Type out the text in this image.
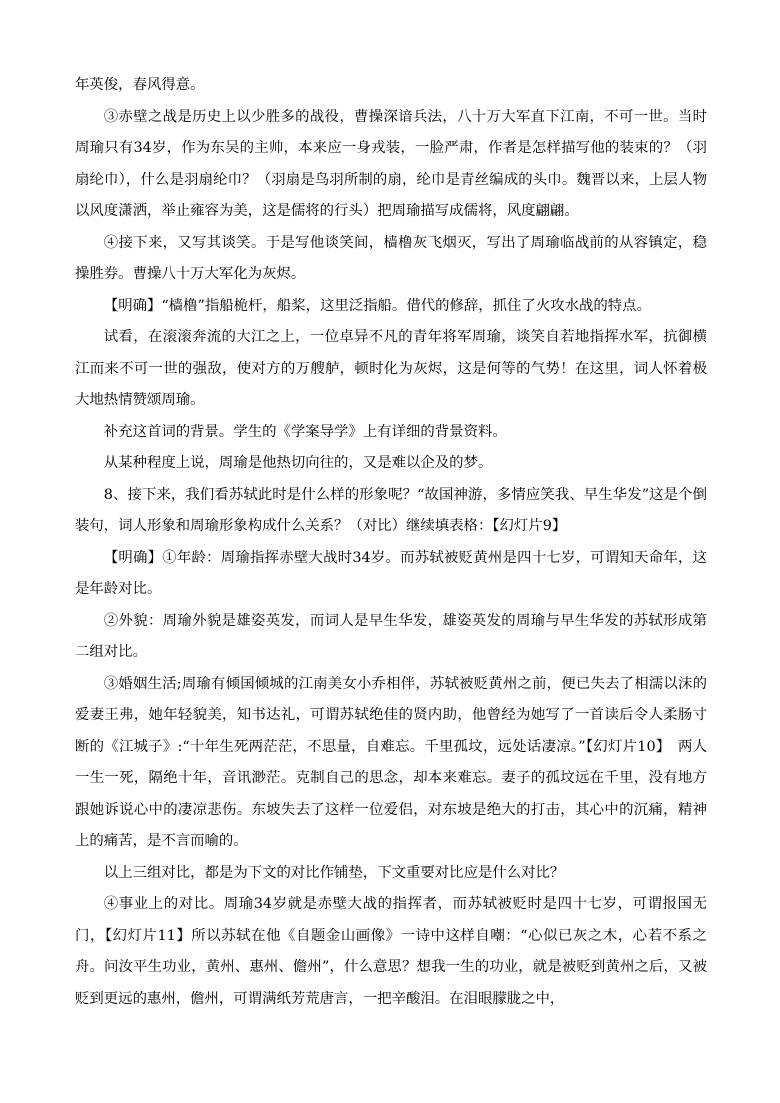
年英俊，春风得意。

③赤壁之战是历史上以少胜多的战役，曹操深谙兵法，八十万大军直下江南，不可一世。当时周瑜只有34岁，作为东吴的主帅，本来应一身戎装，一脸严肃，作者是怎样描写他的装束的？（羽扇纶巾），什么是羽扇纶巾？（羽扇是鸟羽所制的扇，纶巾是青丝编成的头巾。魏晋以来，上层人物以风度潇洒，举止雍容为美，这是儒将的行头）把周瑜描写成儒将，风度翩翩。

④接下来，又写其谈笑。于是写他谈笑间，樯橹灰飞烟灭，写出了周瑜临战前的从容镇定，稳操胜券。曹操八十万大军化为灰烬。

【明确】“樯橹”指船桅杆，船桨，这里泛指船。借代的修辞，抓住了火攻水战的特点。

试看，在滚滚奔流的大江之上，一位卓异不凡的青年将军周瑜，谈笑自若地指挥水军，抗御横江而来不可一世的强敌，使对方的万艘舻，顿时化为灰烬，这是何等的气势！在这里，词人怀着极大地热情赞颂周瑜。

补充这首词的背景。学生的《学案导学》上有详细的背景资料。

从某种程度上说，周瑜是他热切向往的，又是难以企及的梦。

8、接下来，我们看苏轼此时是什么样的形象呢？“故国神游，多情应笑我、早生华发”这是个倒装句，词人形象和周瑜形象构成什么关系？（对比）继续填表格：【幻灯片9】

【明确】①年龄：周瑜指挥赤壁大战时34岁。而苏轼被贬黄州是四十七岁，可谓知天命年，这是年龄对比。

②外貌：周瑜外貌是雄姿英发，而词人是早生华发，雄姿英发的周瑜与早生华发的苏轼形成第二组对比。

③婚姻生活;周瑜有倾国倾城的江南美女小乔相伴，苏轼被贬黄州之前，便已失去了相濡以沫的爱妻王弗，她年轻貌美，知书达礼，可谓苏轼绝佳的贤内助，他曾经为她写了一首读后令人柔肠寸断的《江城子》:“十年生死两茫茫，不思量，自难忘。千里孤坟，远处话凄凉。”【幻灯片10】　两人一生一死，隔绝十年，音讯渺茫。克制自己的思念，却本来难忘。妻子的孤坟远在千里，没有地方跟她诉说心中的凄凉悲伤。东坡失去了这样一位爱侣，对东坡是绝大的打击，其心中的沉痛，精神上的痛苦，是不言而喻的。

以上三组对比，都是为下文的对比作铺垫，下文重要对比应是什么对比？

④事业上的对比。周瑜34岁就是赤壁大战的指挥者，而苏轼被贬时是四十七岁，可谓报国无门，【幻灯片11】所以苏轼在他《自题金山画像》一诗中这样自嘲：“心似已灰之木，心若不系之舟。问汝平生功业，黄州、惠州、儋州”，什么意思？想我一生的功业，就是被贬到黄州之后，又被贬到更远的惠州，儋州，可谓满纸芳荒唐言，一把辛酸泪。在泪眼朦胧之中，
